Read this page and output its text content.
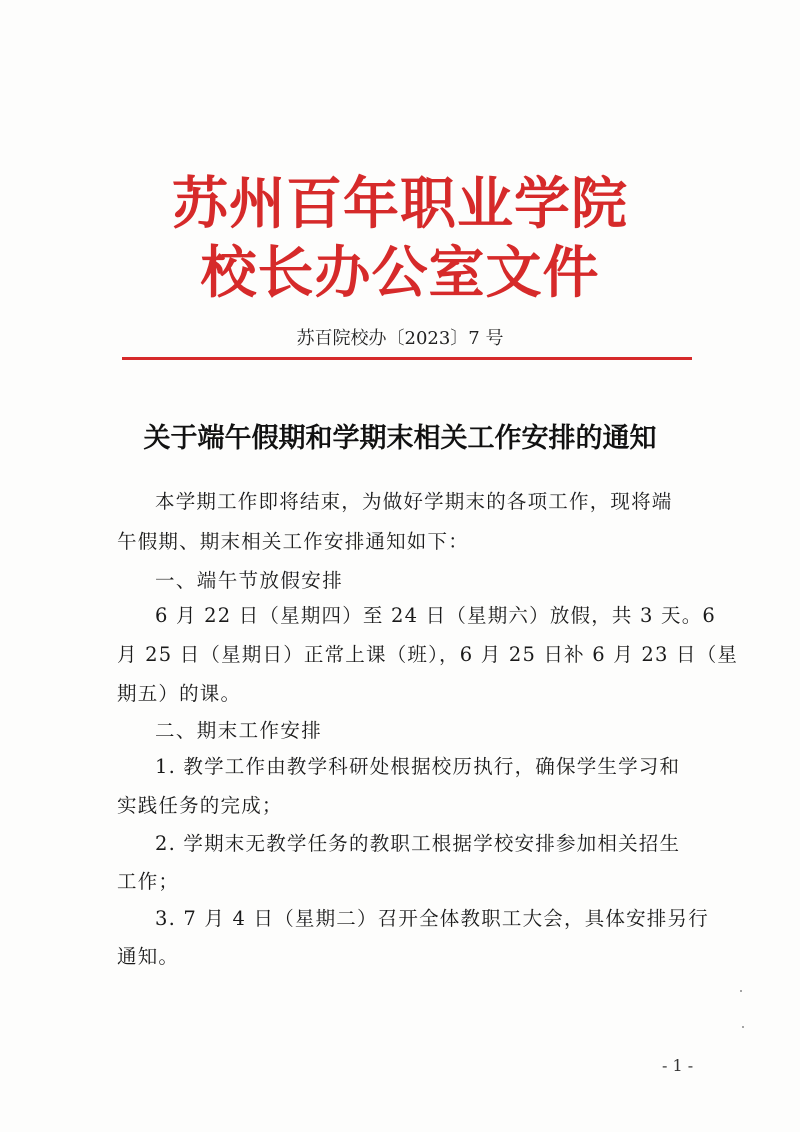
苏州百年职业学院
校长办公室文件
苏百院校办〔2023〕7 号
关于端午假期和学期末相关工作安排的通知
本学期工作即将结束，为做好学期末的各项工作，现将端
午假期、期末相关工作安排通知如下：
一、端午节放假安排
6 月 22 日（星期四）至 24 日（星期六）放假，共 3 天。6
月 25 日（星期日）正常上课（班），6 月 25 日补 6 月 23 日（星
期五）的课。
二、期末工作安排
1. 教学工作由教学科研处根据校历执行，确保学生学习和
实践任务的完成；
2. 学期末无教学任务的教职工根据学校安排参加相关招生
工作；
3. 7 月 4 日（星期二）召开全体教职工大会，具体安排另行
通知。
- 1 -
